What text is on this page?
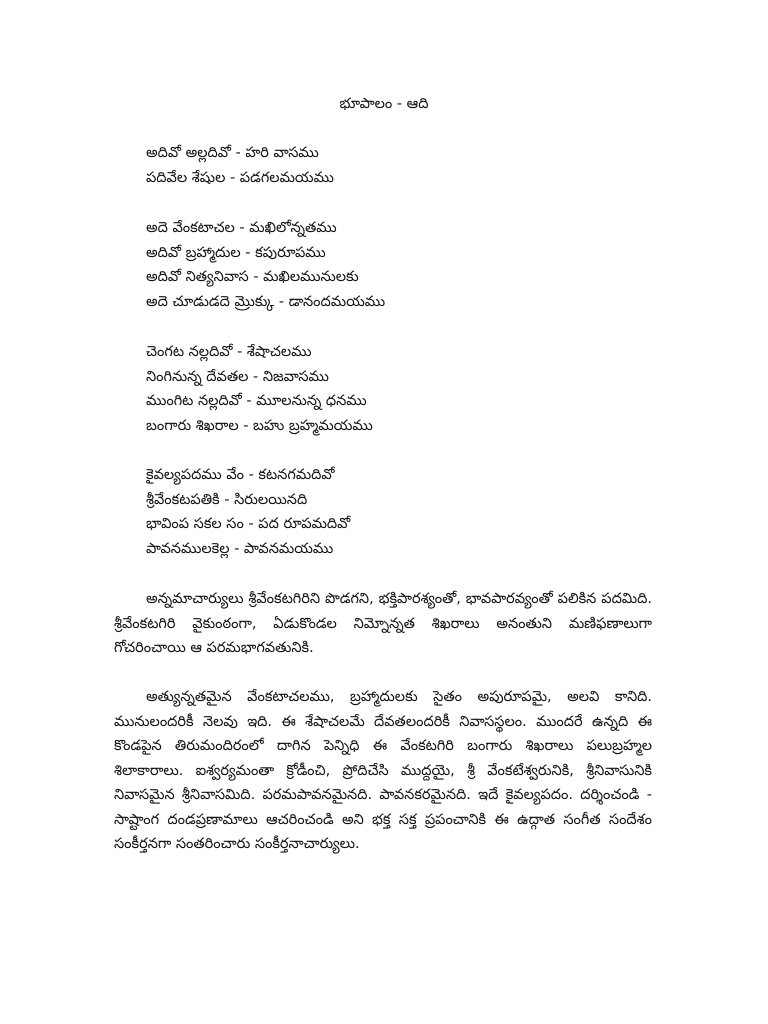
భూపాలం - ఆది
అదివో అల్లదివో - హరి వాసము
పదివేల శేషుల - పడగలమయము
అదె వేంకటాచల - మఖిలోన్నతము
అదివో బ్రహ్మాదుల - కపురూపము
అదివో నిత్యనివాస - మఖిలమునులకు
అదె చూడుడదె మ్రొక్కు - డానందమయము
చెంగట నల్లదివో - శేషాచలము
నింగినున్న దేవతల - నిజవాసము
ముంగిట నల్లదివో - మూలనున్న ధనము
బంగారు శిఖరాల - బహు బ్రహ్మమయము
కైవల్యపదము వేం - కటనగమదివో
శ్రీవేంకటపతికి - సిరులయినది
భావింప సకల సం - పద రూపమదివో
పావనములకెల్ల - పావనమయము

అన్నమాచార్యులు శ్రీవేంకటగిరిని పొడగని, భక్తిపారశ్యంతో, భావపారవ్యంతో పలికిన పదమిది. శ్రీవేంకటగిరి వైకుంఠంగా, ఏడుకొండల నిమ్నోన్నత శిఖరాలు అనంతుని మణిఫణాలుగా గోచరించాయి ఆ పరమభాగవతునికి.

అత్యున్నతమైన వేంకటాచలము, బ్రహ్మాదులకు సైతం అపురూపమై, అలవి కానిది. మునులందరికీ నెలవు ఇది. ఈ శేషాచలమే దేవతలందరికీ నివాసస్థలం. ముందరే ఉన్నది ఈ కొండపైన తిరుమందిరంలో దాగిన పెన్నిధి ఈ వేంకటగిరి బంగారు శిఖరాలు పలుబ్రహ్మల శిలాకారాలు. ఐశ్వర్యమంతా క్రోడీంచి, ప్రోదిచేసి ముద్దయై, శ్రీ వేంకటేశ్వరునికి, శ్రీనివాసునికి నివాసమైన శ్రీనివాసమిది. పరమపావనమైనది. పావనకరమైనది. ఇదే కైవల్యపదం. దర్శించండి - సాష్టాంగ దండప్రణామాలు ఆచరించండి అని భక్త సక్త ప్రపంచానికి ఈ ఉద్గాత సంగీత సందేశం సంకీర్తనగా సంతరించారు సంకీర్తనాచార్యులు.
